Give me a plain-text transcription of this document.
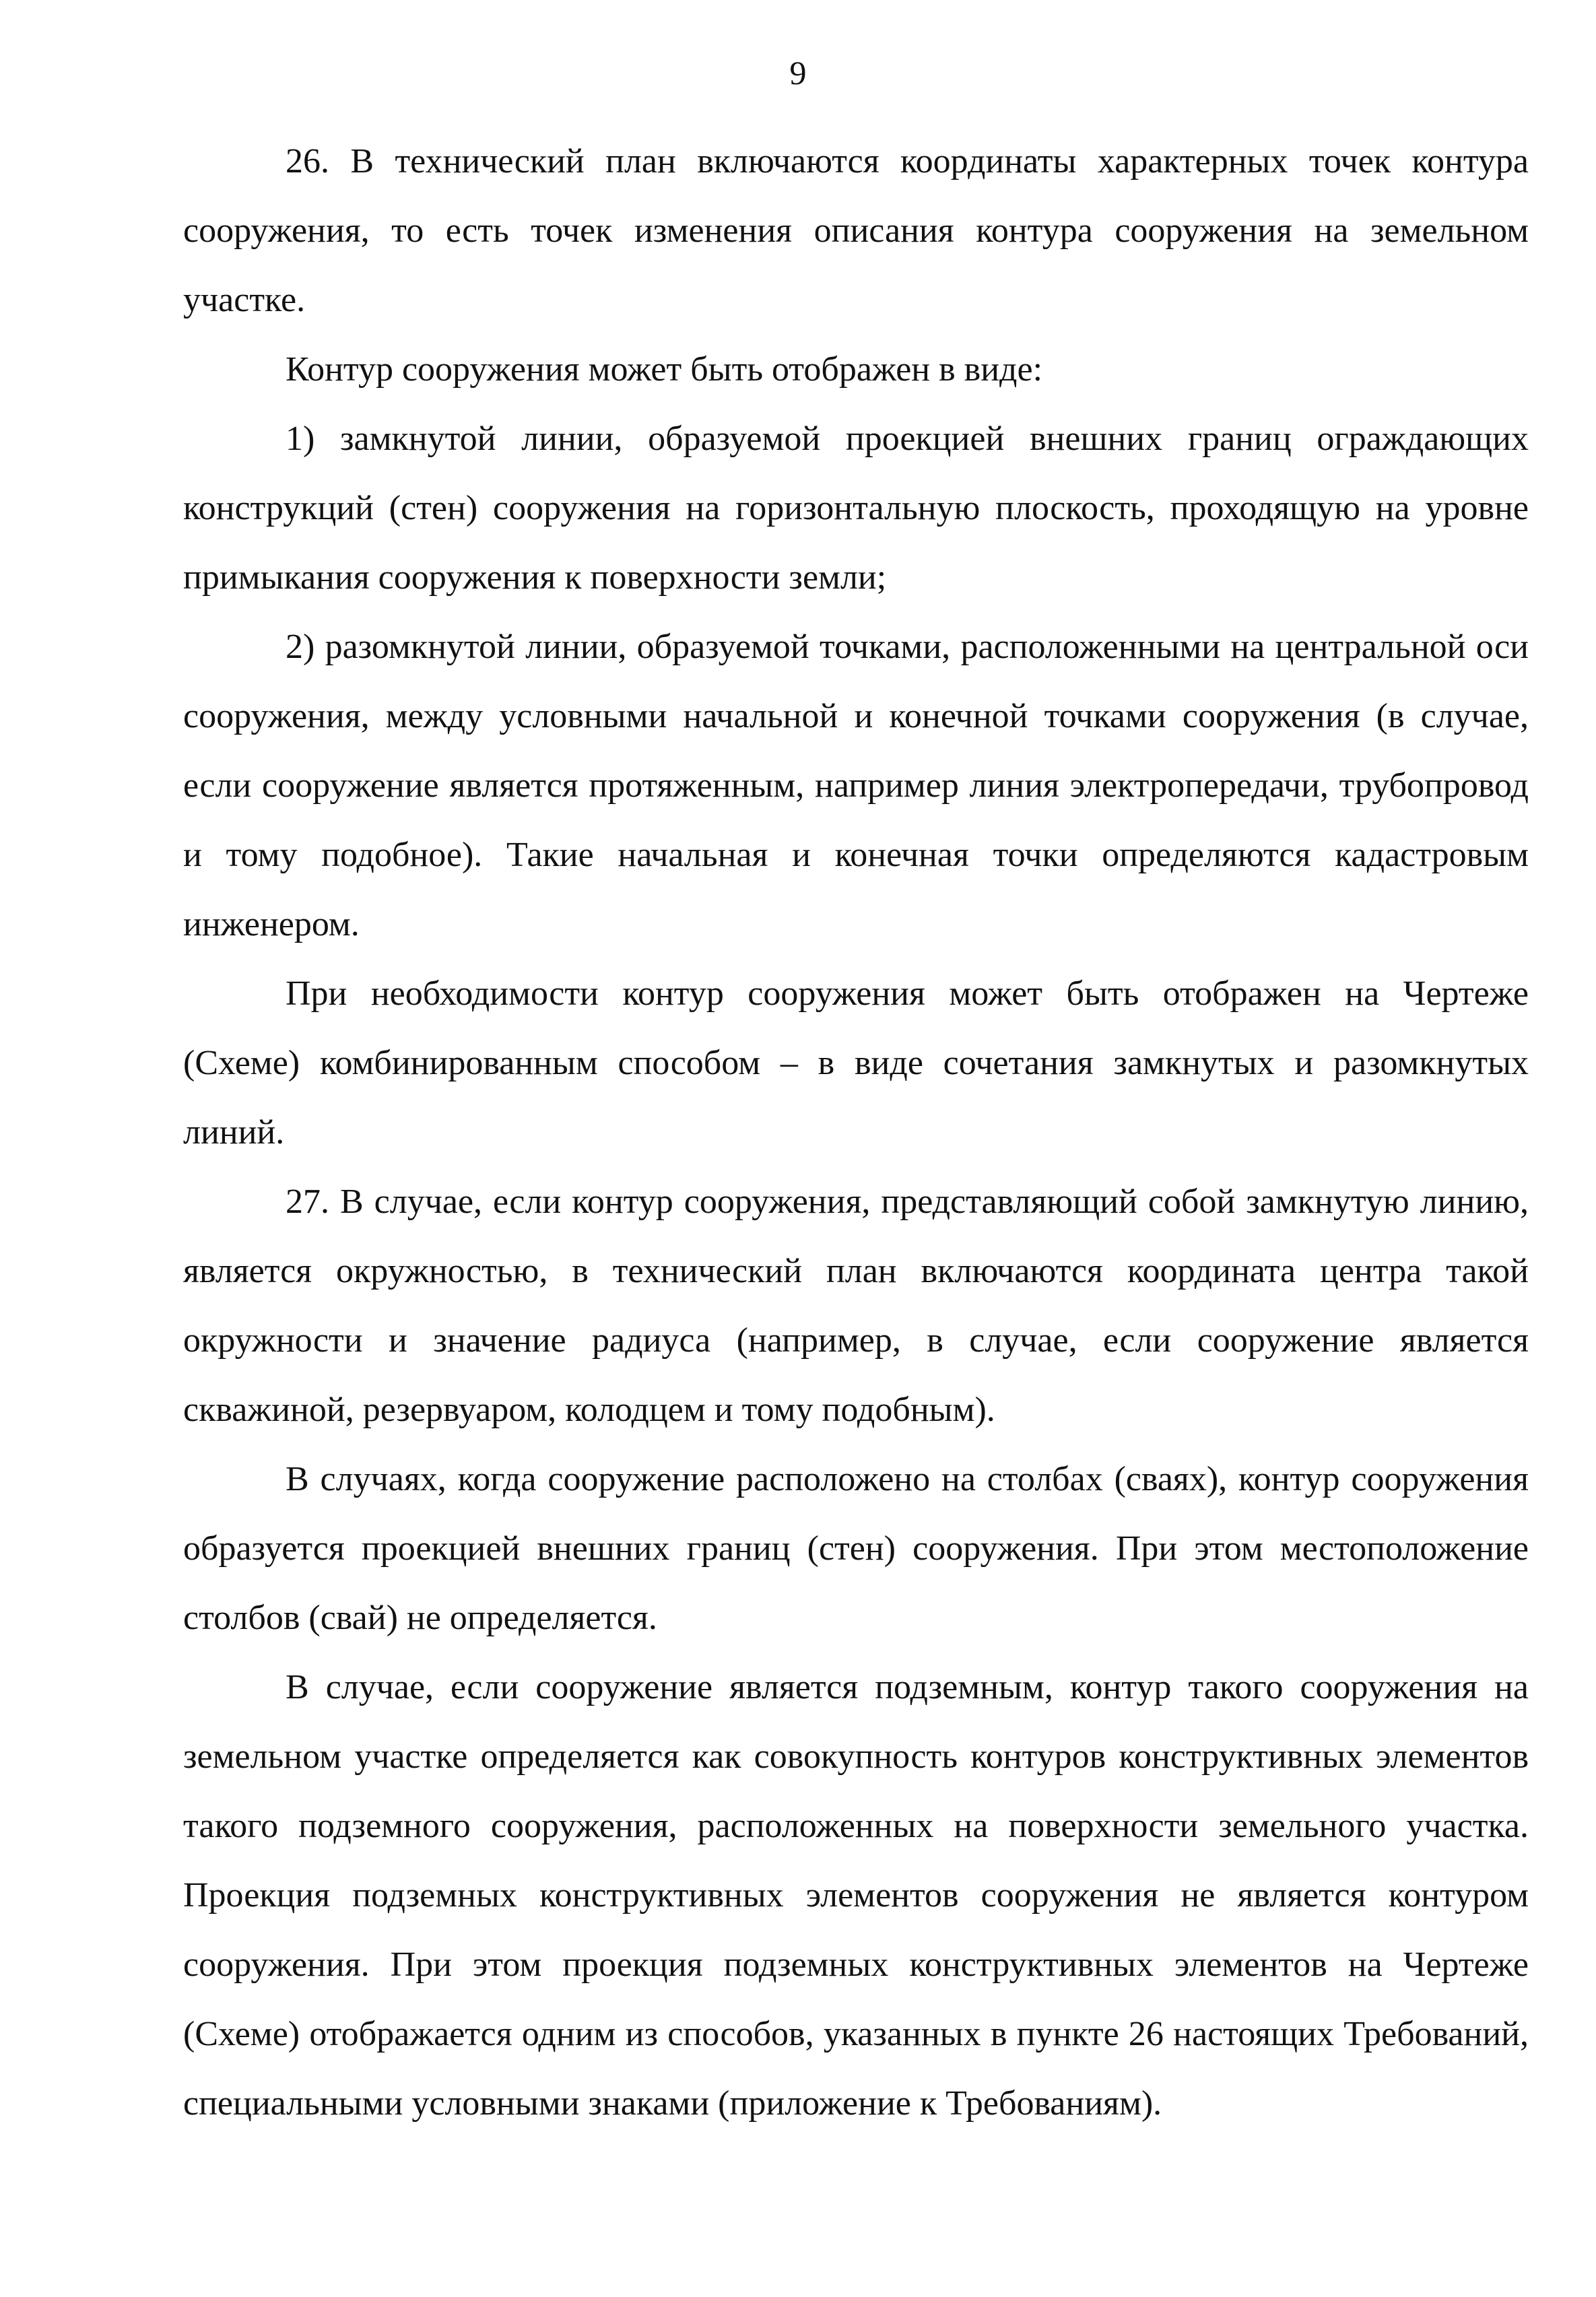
9

26. В технический план включаются координаты характерных точек контура сооружения, то есть точек изменения описания контура сооружения на земельном участке.

Контур сооружения может быть отображен в виде:

1) замкнутой линии, образуемой проекцией внешних границ ограждающих конструкций (стен) сооружения на горизонтальную плоскость, проходящую на уровне примыкания сооружения к поверхности земли;

2) разомкнутой линии, образуемой точками, расположенными на центральной оси сооружения, между условными начальной и конечной точками сооружения (в случае, если сооружение является протяженным, например линия электропередачи, трубопровод и тому подобное). Такие начальная и конечная точки определяются кадастровым инженером.

При необходимости контур сооружения может быть отображен на Чертеже (Схеме) комбинированным способом – в виде сочетания замкнутых и разомкнутых линий.

27. В случае, если контур сооружения, представляющий собой замкнутую линию, является окружностью, в технический план включаются координата центра такой окружности и значение радиуса (например, в случае, если сооружение является скважиной, резервуаром, колодцем и тому подобным).

В случаях, когда сооружение расположено на столбах (сваях), контур сооружения образуется проекцией внешних границ (стен) сооружения. При этом местоположение столбов (свай) не определяется.

В случае, если сооружение является подземным, контур такого сооружения на земельном участке определяется как совокупность контуров конструктивных элементов такого подземного сооружения, расположенных на поверхности земельного участка. Проекция подземных конструктивных элементов сооружения не является контуром сооружения. При этом проекция подземных конструктивных элементов на Чертеже (Схеме) отображается одним из способов, указанных в пункте 26 настоящих Требований, специальными условными знаками (приложение к Требованиям).
